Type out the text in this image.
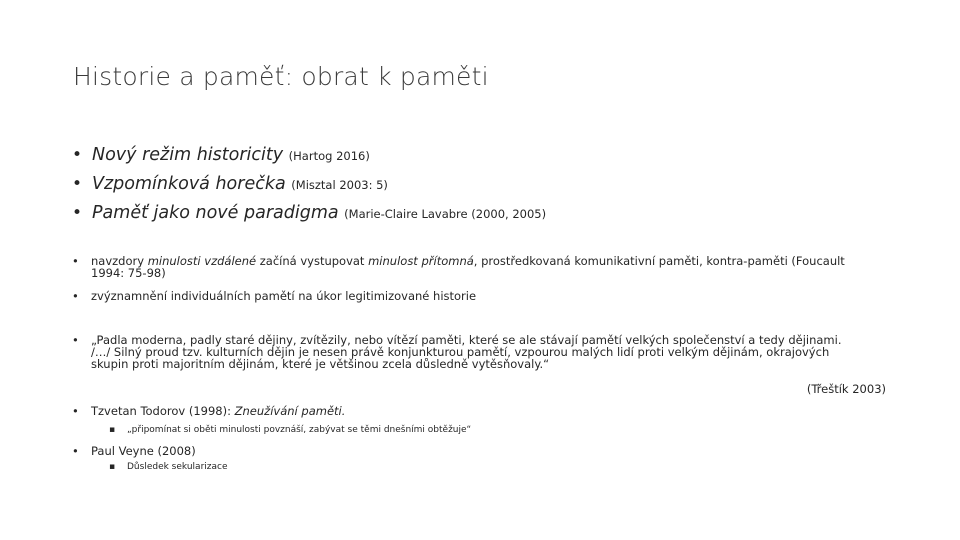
Historie a paměť: obrat k paměti
• Nový režim historicity (Hartog 2016)
• Vzpomínková horečka (Misztal 2003: 5)
• Paměť jako nové paradigma (Marie-Claire Lavabre (2000, 2005)
• navzdory minulosti vzdálené začíná vystupovat minulost přítomná, prostředkovaná komunikativní paměti, kontra-paměti (Foucault
1994: 75-98)
• zvýznamnění individuálních pamětí na úkor legitimizované historie
• „Padla moderna, padly staré dějiny, zvítězily, nebo vítězí paměti, které se ale stávají pamětí velkých společenství a tedy dějinami.
/…/ Silný proud tzv. kulturních dějin je nesen právě konjunkturou pamětí, vzpourou malých lidí proti velkým dějinám, okrajových
skupin proti majoritním dějinám, které je většinou zcela důsledně vytěsňovaly.“
(Třeštík 2003)
• Tzvetan Todorov (1998): Zneužívání paměti.
▪ „připomínat si oběti minulosti povznáší, zabývat se těmi dnešními obtěžuje“
• Paul Veyne (2008)
▪ Důsledek sekularizace
